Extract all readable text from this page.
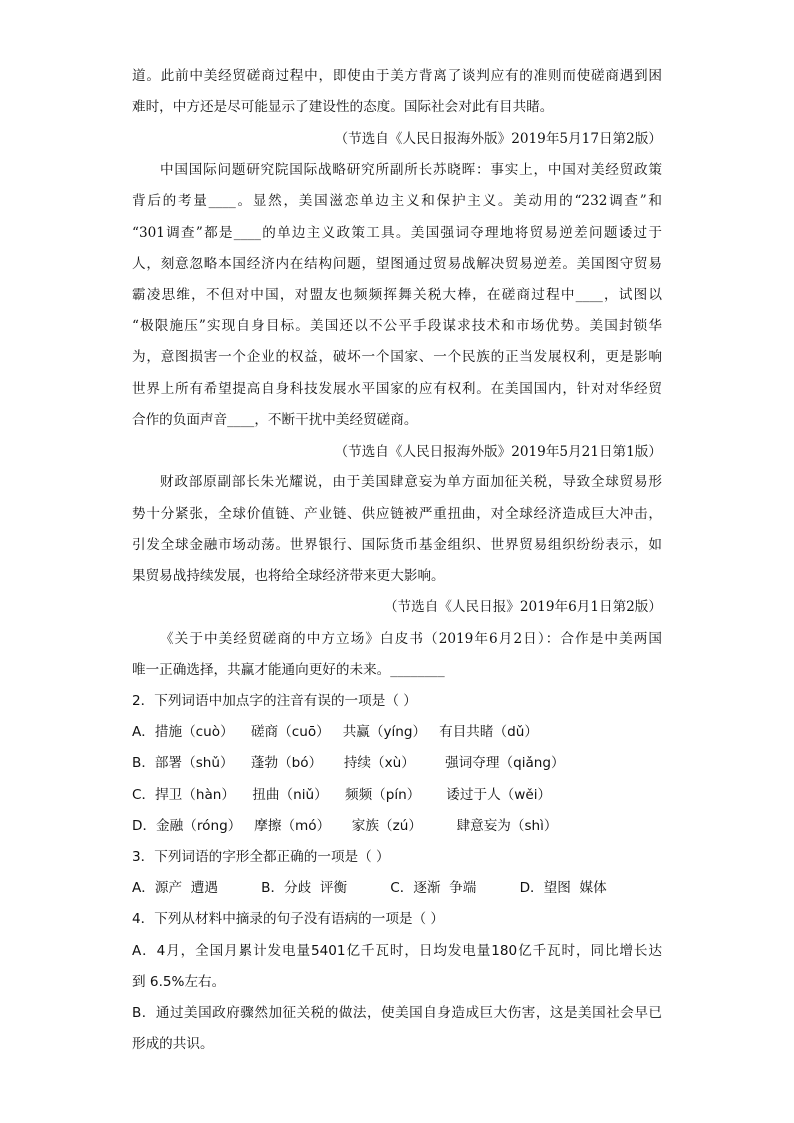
道。此前中美经贸磋商过程中，即使由于美方背离了谈判应有的准则而使磋商遇到困
难时，中方还是尽可能显示了建设性的态度。国际社会对此有目共睹。
（节选自《人民日报海外版》2019年5月17日第2版）
中国国际问题研究院国际战略研究所副所长苏晓晖：事实上，中国对美经贸政策
背后的考量____。显然，美国滋恋单边主义和保护主义。美动用的“232调查”和
“301调查”都是____的单边主义政策工具。美国强词夺理地将贸易逆差问题诿过于
人，刻意忽略本国经济内在结构问题，望图通过贸易战解决贸易逆差。美国图守贸易
霸凌思维，不但对中国，对盟友也频频挥舞关税大棒，在磋商过程中____，试图以
“极限施压”实现自身目标。美国还以不公平手段谋求技术和市场优势。美国封锁华
为，意图损害一个企业的权益，破坏一个国家、一个民族的正当发展权利，更是影响
世界上所有希望提高自身科技发展水平国家的应有权利。在美国国内，针对对华经贸
合作的负面声音____，不断干扰中美经贸磋商。
（节选自《人民日报海外版》2019年5月21日第1版）
财政部原副部长朱光耀说，由于美国肆意妄为单方面加征关税，导致全球贸易形
势十分紧张，全球价值链、产业链、供应链被严重扭曲，对全球经济造成巨大冲击，
引发全球金融市场动荡。世界银行、国际货币基金组织、世界贸易组织纷纷表示，如
果贸易战持续发展，也将给全球经济带来更大影响。
（节选自《人民日报》2019年6月1日第2版）
《关于中美经贸磋商的中方立场》白皮书（2019年6月2日）：合作是中美两国
唯一正确选择，共赢才能通向更好的未来。________
2．下列词语中加点字的注音有误的一项是（ ）
A．措施（cuò）    磋商（cuō）   共赢（yíng）   有目共睹（dǔ）
B．部署（shǔ）    蓬勃（bó）     持续（xù）       强词夺理（qiǎng）
C．捍卫（hàn）    扭曲（niǔ）    频频（pín）      诿过于人（wěi）
D．金融（róng）   摩擦（mó）     家族（zú）        肆意妄为（shì）
3．下列词语的字形全都正确的一项是（ ）
A．源产  遭遇          B．分歧  评衡          C．逐渐  争端          D．望图  媒体
4．下列从材料中摘录的句子没有语病的一项是（ ）
A．4月，全国月累计发电量5401亿千瓦时，日均发电量180亿千瓦时，同比增长达
到 6.5%左右。
B．通过美国政府骤然加征关税的做法，使美国自身造成巨大伤害，这是美国社会早已
形成的共识。
